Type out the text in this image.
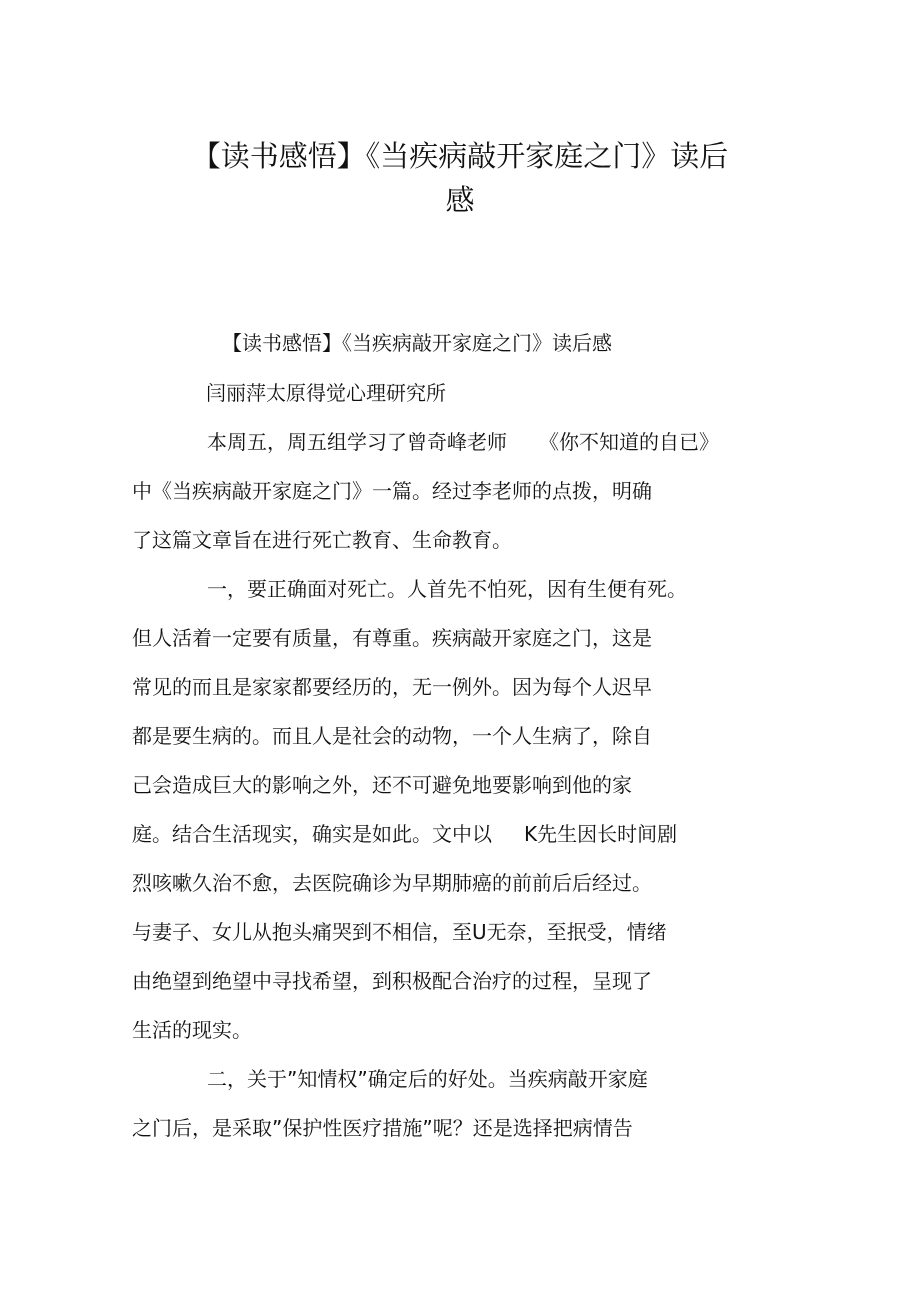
【读书感悟】《当疾病敲开家庭之门》读后
感

【读书感悟】《当疾病敲开家庭之门》读后感

闫丽萍太原得觉心理研究所

本周五，周五组学习了曾奇峰老师 《你不知道的自已》

中《当疾病敲开家庭之门》一篇。经过李老师的点拨，明确

了这篇文章旨在进行死亡教育、生命教育。

一，要正确面对死亡。人首先不怕死，因有生便有死。

但人活着一定要有质量，有尊重。疾病敲开家庭之门，这是

常见的而且是家家都要经历的，无一例外。因为每个人迟早

都是要生病的。而且人是社会的动物，一个人生病了，除自

己会造成巨大的影响之外，还不可避免地要影响到他的家

庭。结合生活现实，确实是如此。文中以 K先生因长时间剧

烈咳嗽久治不愈，去医院确诊为早期肺癌的前前后后经过。

与妻子、女儿从抱头痛哭到不相信，至U无奈，至抿受，情绪

由绝望到绝望中寻找希望，到积极配合治疗的过程，呈现了

生活的现实。

二，关于”知情权”确定后的好处。当疾病敲开家庭

之门后，是采取”保护性医疗措施”呢？还是选择把病情告
